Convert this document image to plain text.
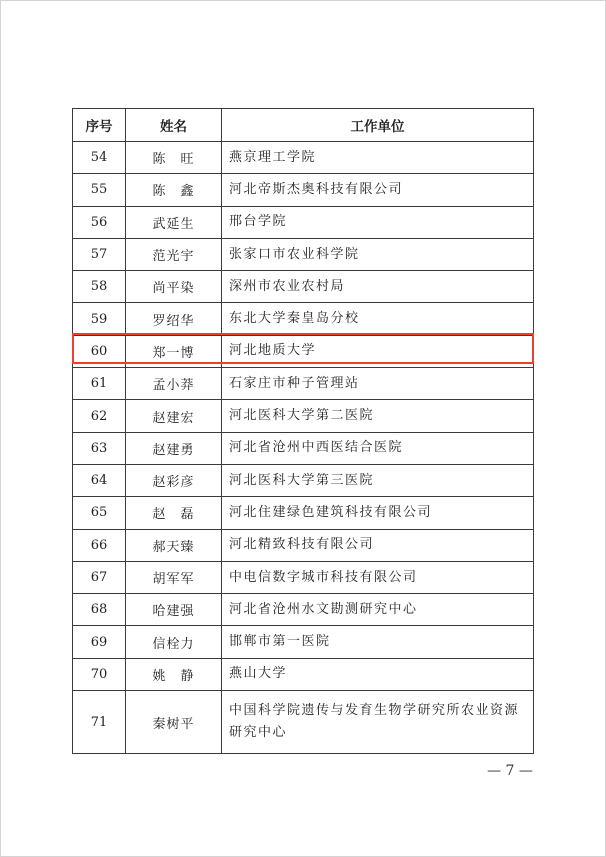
序号	姓名	工作单位
54	陈　旺	燕京理工学院
55	陈　鑫	河北帝斯杰奥科技有限公司
56	武延生	邢台学院
57	范光宇	张家口市农业科学院
58	尚平染	深州市农业农村局
59	罗绍华	东北大学秦皇岛分校
60	郑一博	河北地质大学
61	孟小莽	石家庄市种子管理站
62	赵建宏	河北医科大学第二医院
63	赵建勇	河北省沧州中西医结合医院
64	赵彩彦	河北医科大学第三医院
65	赵　磊	河北住建绿色建筑科技有限公司
66	郝天臻	河北精致科技有限公司
67	胡军军	中电信数字城市科技有限公司
68	哈建强	河北省沧州水文勘测研究中心
69	信栓力	邯郸市第一医院
70	姚　静	燕山大学
71	秦树平	中国科学院遗传与发育生物学研究所农业资源研究中心
— 7 —
